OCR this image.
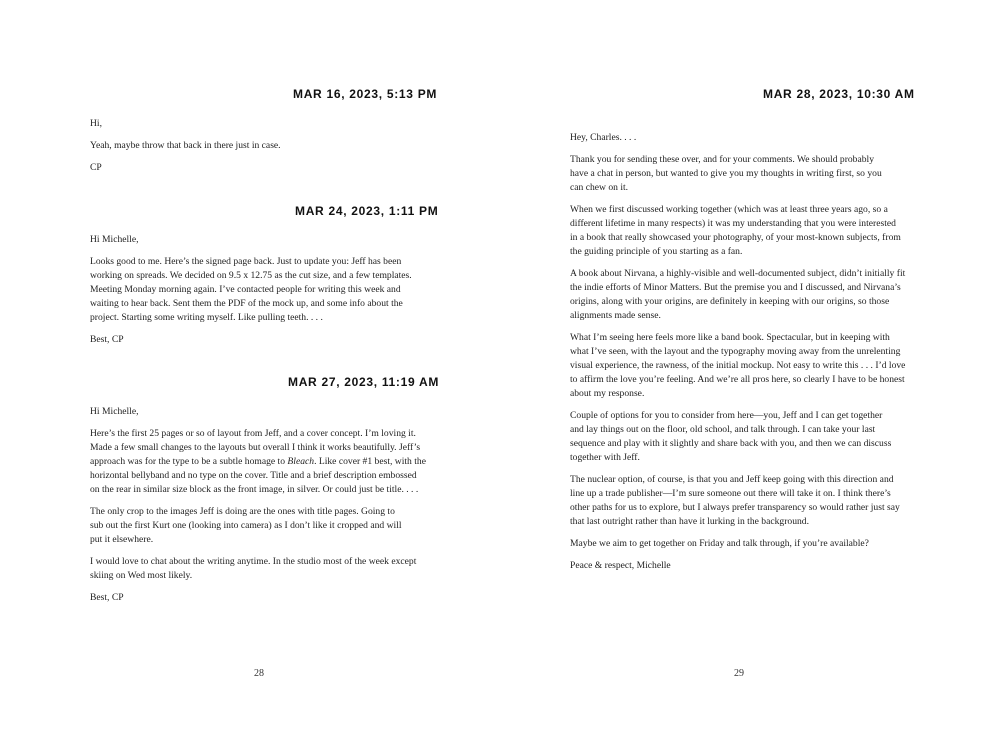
MAR 16, 2023, 5:13 PM
Hi,
Yeah, maybe throw that back in there just in case.
CP
MAR 24, 2023, 1:11 PM
Hi Michelle,
Looks good to me. Here’s the signed page back. Just to update you: Jeff has been
working on spreads. We decided on 9.5 x 12.75 as the cut size, and a few templates.
Meeting Monday morning again. I’ve contacted people for writing this week and
waiting to hear back. Sent them the PDF of the mock up, and some info about the
project. Starting some writing myself. Like pulling teeth. . . .
Best, CP
MAR 27, 2023, 11:19 AM
Hi Michelle,
Here’s the first 25 pages or so of layout from Jeff, and a cover concept. I’m loving it.
Made a few small changes to the layouts but overall I think it works beautifully. Jeff’s
approach was for the type to be a subtle homage to Bleach. Like cover #1 best, with the
horizontal bellyband and no type on the cover. Title and a brief description embossed
on the rear in similar size block as the front image, in silver. Or could just be title. . . .
The only crop to the images Jeff is doing are the ones with title pages. Going to
sub out the first Kurt one (looking into camera) as I don’t like it cropped and will
put it elsewhere.
I would love to chat about the writing anytime. In the studio most of the week except
skiing on Wed most likely.
Best, CP
28
MAR 28, 2023, 10:30 AM
Hey, Charles. . . .
Thank you for sending these over, and for your comments. We should probably
have a chat in person, but wanted to give you my thoughts in writing first, so you
can chew on it.
When we first discussed working together (which was at least three years ago, so a
different lifetime in many respects) it was my understanding that you were interested
in a book that really showcased your photography, of your most-known subjects, from
the guiding principle of you starting as a fan.
A book about Nirvana, a highly-visible and well-documented subject, didn’t initially fit
the indie efforts of Minor Matters. But the premise you and I discussed, and Nirvana’s
origins, along with your origins, are definitely in keeping with our origins, so those
alignments made sense.
What I’m seeing here feels more like a band book. Spectacular, but in keeping with
what I’ve seen, with the layout and the typography moving away from the unrelenting
visual experience, the rawness, of the initial mockup. Not easy to write this . . . I’d love
to affirm the love you’re feeling. And we’re all pros here, so clearly I have to be honest
about my response.
Couple of options for you to consider from here—you, Jeff and I can get together
and lay things out on the floor, old school, and talk through. I can take your last
sequence and play with it slightly and share back with you, and then we can discuss
together with Jeff.
The nuclear option, of course, is that you and Jeff keep going with this direction and
line up a trade publisher—I’m sure someone out there will take it on. I think there’s
other paths for us to explore, but I always prefer transparency so would rather just say
that last outright rather than have it lurking in the background.
Maybe we aim to get together on Friday and talk through, if you’re available?
Peace & respect, Michelle
29
